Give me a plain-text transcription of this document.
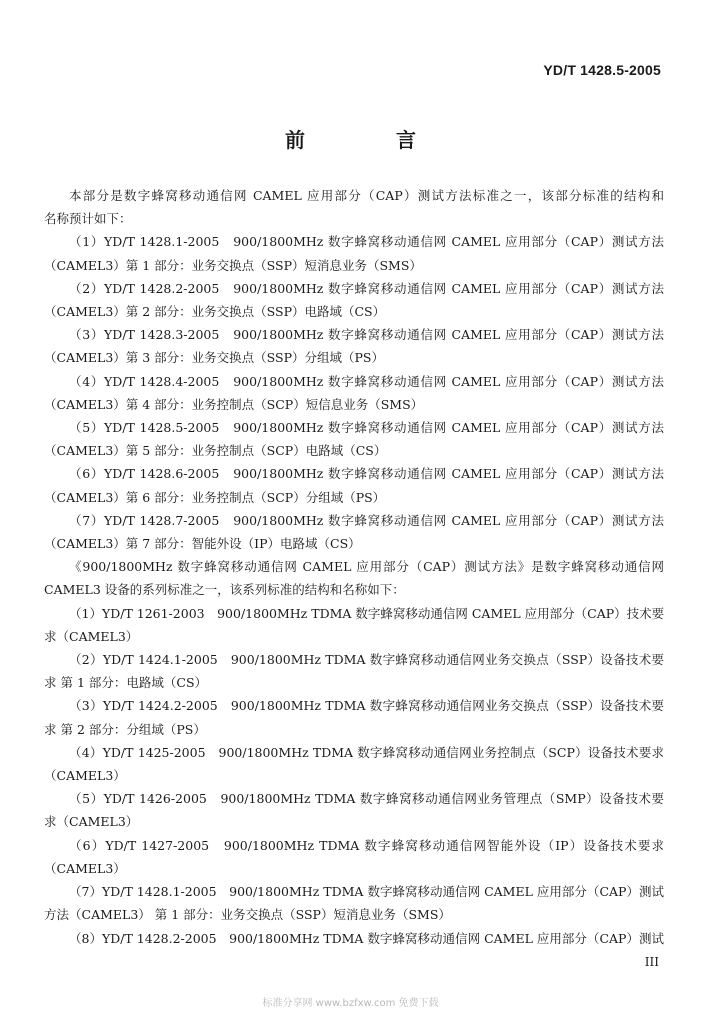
YD/T 1428.5-2005
前 言

本部分是数字蜂窝移动通信网 CAMEL 应用部分（CAP）测试方法标准之一，该部分标准的结构和
名称预计如下：

（1）YD/T 1428.1-2005　900/1800MHz 数字蜂窝移动通信网 CAMEL 应用部分（CAP）测试方法
（CAMEL3）第 1 部分：业务交换点（SSP）短消息业务（SMS）

（2）YD/T 1428.2-2005　900/1800MHz 数字蜂窝移动通信网 CAMEL 应用部分（CAP）测试方法
（CAMEL3）第 2 部分：业务交换点（SSP）电路域（CS）

（3）YD/T 1428.3-2005　900/1800MHz 数字蜂窝移动通信网 CAMEL 应用部分（CAP）测试方法
（CAMEL3）第 3 部分：业务交换点（SSP）分组域（PS）

（4）YD/T 1428.4-2005　900/1800MHz 数字蜂窝移动通信网 CAMEL 应用部分（CAP）测试方法
（CAMEL3）第 4 部分：业务控制点（SCP）短信息业务（SMS）

（5）YD/T 1428.5-2005　900/1800MHz 数字蜂窝移动通信网 CAMEL 应用部分（CAP）测试方法
（CAMEL3）第 5 部分：业务控制点（SCP）电路域（CS）

（6）YD/T 1428.6-2005　900/1800MHz 数字蜂窝移动通信网 CAMEL 应用部分（CAP）测试方法
（CAMEL3）第 6 部分：业务控制点（SCP）分组域（PS）

（7）YD/T 1428.7-2005　900/1800MHz 数字蜂窝移动通信网 CAMEL 应用部分（CAP）测试方法
（CAMEL3）第 7 部分：智能外设（IP）电路域（CS）

《900/1800MHz 数字蜂窝移动通信网 CAMEL 应用部分（CAP）测试方法》是数字蜂窝移动通信网
CAMEL3 设备的系列标准之一，该系列标准的结构和名称如下：

（1）YD/T 1261-2003　900/1800MHz TDMA 数字蜂窝移动通信网 CAMEL 应用部分（CAP）技术要
求（CAMEL3）

（2）YD/T 1424.1-2005　900/1800MHz TDMA 数字蜂窝移动通信网业务交换点（SSP）设备技术要
求 第 1 部分：电路域（CS）

（3）YD/T 1424.2-2005　900/1800MHz TDMA 数字蜂窝移动通信网业务交换点（SSP）设备技术要
求 第 2 部分：分组域（PS）

（4）YD/T 1425-2005　900/1800MHz TDMA 数字蜂窝移动通信网业务控制点（SCP）设备技术要求
（CAMEL3）

（5）YD/T 1426-2005　900/1800MHz TDMA 数字蜂窝移动通信网业务管理点（SMP）设备技术要
求（CAMEL3）

（6）YD/T 1427-2005　900/1800MHz TDMA 数字蜂窝移动通信网智能外设（IP）设备技术要求
（CAMEL3）

（7）YD/T 1428.1-2005　900/1800MHz TDMA 数字蜂窝移动通信网 CAMEL 应用部分（CAP）测试
方法（CAMEL3） 第 1 部分：业务交换点（SSP）短消息业务（SMS）

（8）YD/T 1428.2-2005　900/1800MHz TDMA 数字蜂窝移动通信网 CAMEL 应用部分（CAP）测试

III
标准分享网 www.bzfxw.com 免费下载
